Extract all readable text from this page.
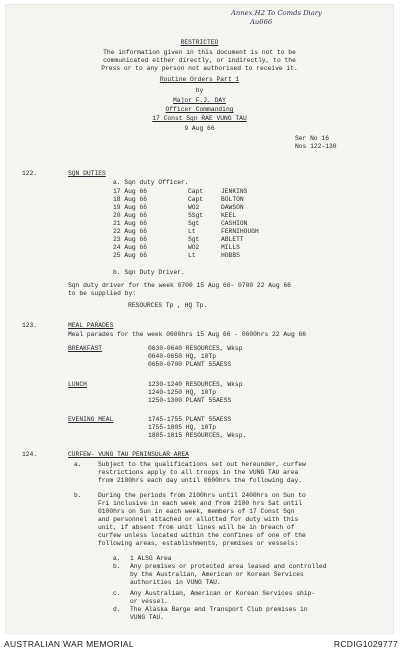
Annex H2 To Comds Diary
Au666
RESTRICTED
The information given in this document is not to be
communicated either directly, or indirectly, to the
Press or to any person not authorised to receive it.
Routine Orders Part 1
by
Major F.J. DAY
Officer Commanding
17 Const Sqn RAE VUNG TAU
9 Aug 66
Ser No 16
Nos 122-130
122.	SQN DUTIES
a. Sqn duty Officer.
17 Aug 66	Capt	JENKINS
18 Aug 66	Capt	BOLTON
19 Aug 66	WO2	DAWSON
20 Aug 66	SSgt	KEEL
21 Aug 66	Sgt	CASHION
22 Aug 66	Lt	FERNIHOUGH
23 Aug 66	Sgt	ABLETT
24 Aug 66	WO2	MILLS
25 Aug 66	Lt	HOBBS
b. Sqn Duty Driver.
Sqn duty driver for the week 0700 15 Aug 66- 0700 22 Aug 66
to be supplied by:
RESOURCES Tp , HQ Tp.
123.	MEAL PARADES
Meal parades for the week 0600hrs 15 Aug 66 - 0600hrs 22 Aug 66
BREAKFAST	0630-0640 RESOURCES, Wksp
0640-0650 HQ, 10Tp
0650-0700 PLANT 55AESS
LUNCH	1230-1240 RESOURCES, Wksp
1240-1250 HQ, 10Tp
1250-1300 PLANT 55AESS
EVENING MEAL	1745-1755 PLANT 55AESS
1755-1805 HQ, 10Tp
1805-1815 RESOURCES, Wksp.
124.	CURFEW- VUNG TAU PENINSULAR AREA
a.	Subject to the qualifications set out hereunder, curfew
restrictions apply to all troops in the VUNG TAU area
from 2100hrs each day until 0600hrs the following day.
b.	During the periods from 2100hrs until 2400hrs on Sun to
Fri inclusive in each week and from 2100 hrs Sat until
0100hrs on Sun in each week, members of 17 Const Sqn
and personnel attached or allotted for duty with this
unit, if absent from unit lines will be in breach of
curfew unless located within the confines of one of the
following areas, establishments, premises or vessels:
a. 1 ALSG Area
b. Any premises or protected area leased and controlled
by the Australian, American or Korean Services
authorities in VUNG TAU.
c. Any Australian, American or Korean Services ship-
or vessel.
d. The Alaska Barge and Transport Club premises in
VUNG TAU.
AUSTRALIAN WAR MEMORIAL	RCDIG1029777
